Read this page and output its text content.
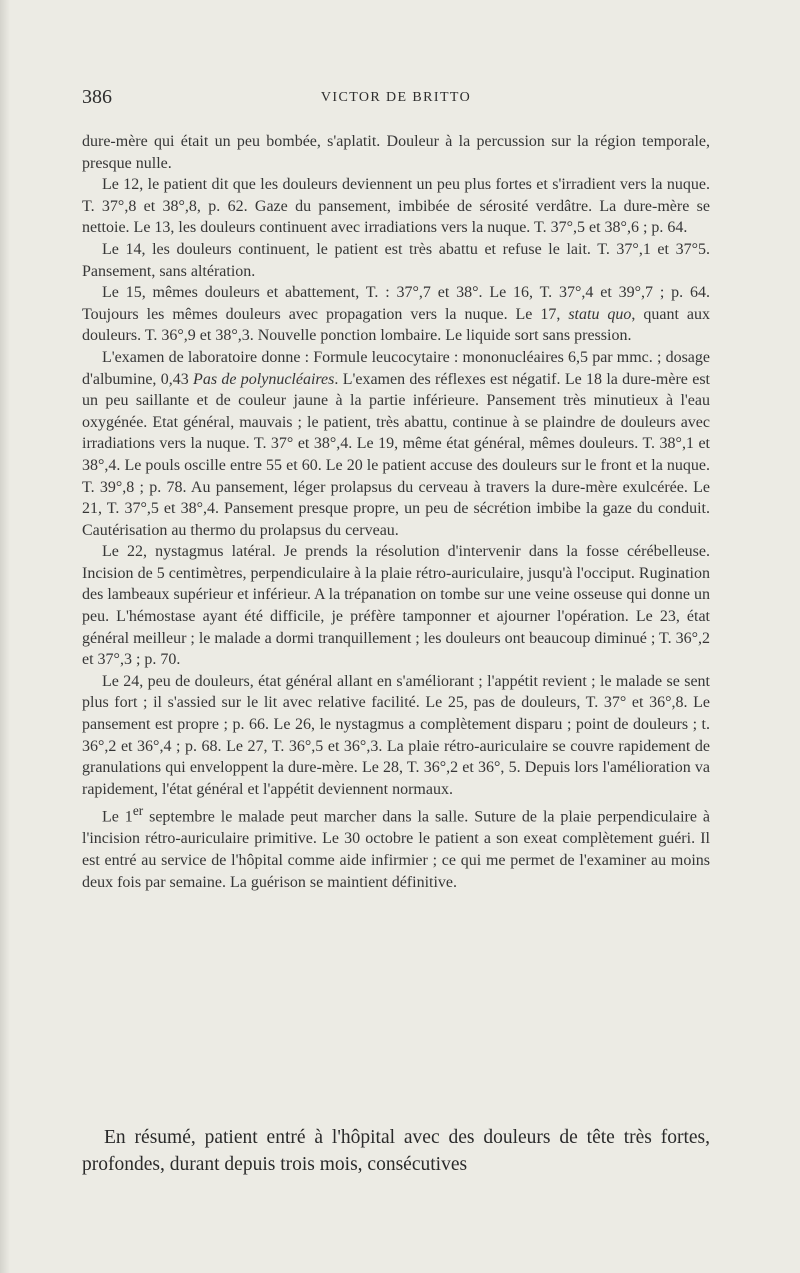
386	VICTOR DE BRITTO

dure-mère qui était un peu bombée, s'aplatit. Douleur à la percussion sur la région temporale, presque nulle.

Le 12, le patient dit que les douleurs deviennent un peu plus fortes et s'irradient vers la nuque. T. 37°,8 et 38°,8, p. 62. Gaze du pansement, imbibée de sérosité verdâtre. La dure-mère se nettoie. Le 13, les douleurs continuent avec irradiations vers la nuque. T. 37°,5 et 38°,6 ; p. 64.

Le 14, les douleurs continuent, le patient est très abattu et refuse le lait. T. 37°,1 et 37°5. Pansement, sans altération.

Le 15, mêmes douleurs et abattement, T. : 37°,7 et 38°. Le 16, T. 37°,4 et 39°,7 ; p. 64. Toujours les mêmes douleurs avec propagation vers la nuque. Le 17, statu quo, quant aux douleurs. T. 36°,9 et 38°,3. Nouvelle ponction lombaire. Le liquide sort sans pression.

L'examen de laboratoire donne : Formule leucocytaire : mononucléaires 6,5 par mmc. ; dosage d'albumine, 0,43 Pas de polynucléaires. L'examen des réflexes est négatif. Le 18 la dure-mère est un peu saillante et de couleur jaune à la partie inférieure. Pansement très minutieux à l'eau oxygénée. Etat général, mauvais ; le patient, très abattu, continue à se plaindre de douleurs avec irradiations vers la nuque. T. 37° et 38°,4. Le 19, même état général, mêmes douleurs. T. 38°,1 et 38°,4. Le pouls oscille entre 55 et 60. Le 20 le patient accuse des douleurs sur le front et la nuque. T. 39°,8 ; p. 78. Au pansement, léger prolapsus du cerveau à travers la dure-mère exulcérée. Le 21, T. 37°,5 et 38°,4. Pansement presque propre, un peu de sécrétion imbibe la gaze du conduit. Cautérisation au thermo du prolapsus du cerveau.

Le 22, nystagmus latéral. Je prends la résolution d'intervenir dans la fosse cérébelleuse. Incision de 5 centimètres, perpendiculaire à la plaie rétro-auriculaire, jusqu'à l'occiput. Rugination des lambeaux supérieur et inférieur. A la trépanation on tombe sur une veine osseuse qui donne un peu. L'hémostase ayant été difficile, je préfère tamponner et ajourner l'opération. Le 23, état général meilleur ; le malade a dormi tranquillement ; les douleurs ont beaucoup diminué ; T. 36°,2 et 37°,3 ; p. 70.

Le 24, peu de douleurs, état général allant en s'améliorant ; l'appétit revient ; le malade se sent plus fort ; il s'assied sur le lit avec relative facilité. Le 25, pas de douleurs, T. 37° et 36°,8. Le pansement est propre ; p. 66. Le 26, le nystagmus a complètement disparu ; point de douleurs ; t. 36°,2 et 36°,4 ; p. 68. Le 27, T. 36°,5 et 36°,3. La plaie rétro-auriculaire se couvre rapidement de granulations qui enveloppent la dure-mère. Le 28, T. 36°,2 et 36°, 5. Depuis lors l'amélioration va rapidement, l'état général et l'appétit deviennent normaux.

Le 1er septembre le malade peut marcher dans la salle. Suture de la plaie perpendiculaire à l'incision rétro-auriculaire primitive. Le 30 octobre le patient a son exeat complètement guéri. Il est entré au service de l'hôpital comme aide infirmier ; ce qui me permet de l'examiner au moins deux fois par semaine. La guérison se maintient définitive.

En résumé, patient entré à l'hôpital avec des douleurs de tête très fortes, profondes, durant depuis trois mois, consécutives
